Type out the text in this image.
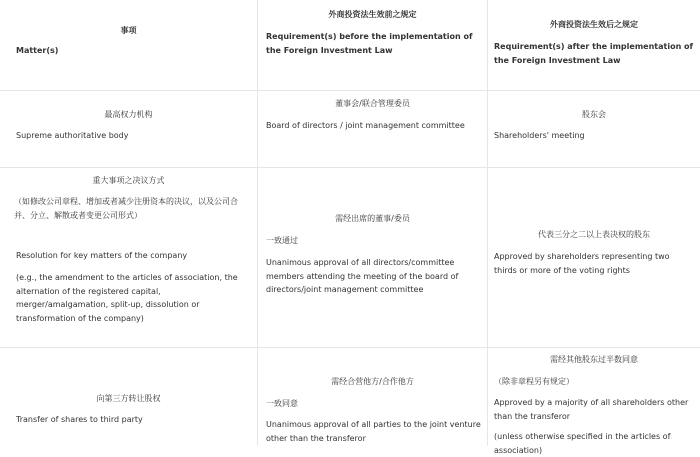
事项
Matter(s)
外商投资法生效前之规定
Requirement(s) before the implementation of the Foreign Investment Law
外商投资法生效后之规定
Requirement(s) after the implementation of the Foreign Investment Law
最高权力机构
Supreme authoritative body
董事会/联合管理委员
Board of directors / joint management committee
股东会
Shareholders' meeting
重大事项之决议方式
（如修改公司章程、增加或者减少注册资本的决议，以及公司合并、分立、解散或者变更公司形式）
Resolution for key matters of the company
(e.g., the amendment to the articles of association, the alternation of the registered capital, merger/amalgamation, split-up, dissolution or transformation of the company)
需经出席的董事/委员
一致通过
Unanimous approval of all directors/committee members attending the meeting of the board of directors/joint management committee
代表三分之二以上表决权的股东
Approved by shareholders representing two thirds or more of the voting rights
向第三方转让股权
Transfer of shares to third party
需经合营他方/合作他方
一致同意
Unanimous approval of all parties to the joint venture other than the transferor
需经其他股东过半数同意
（除非章程另有规定）
Approved by a majority of all shareholders other than the transferor
(unless otherwise specified in the articles of association)
